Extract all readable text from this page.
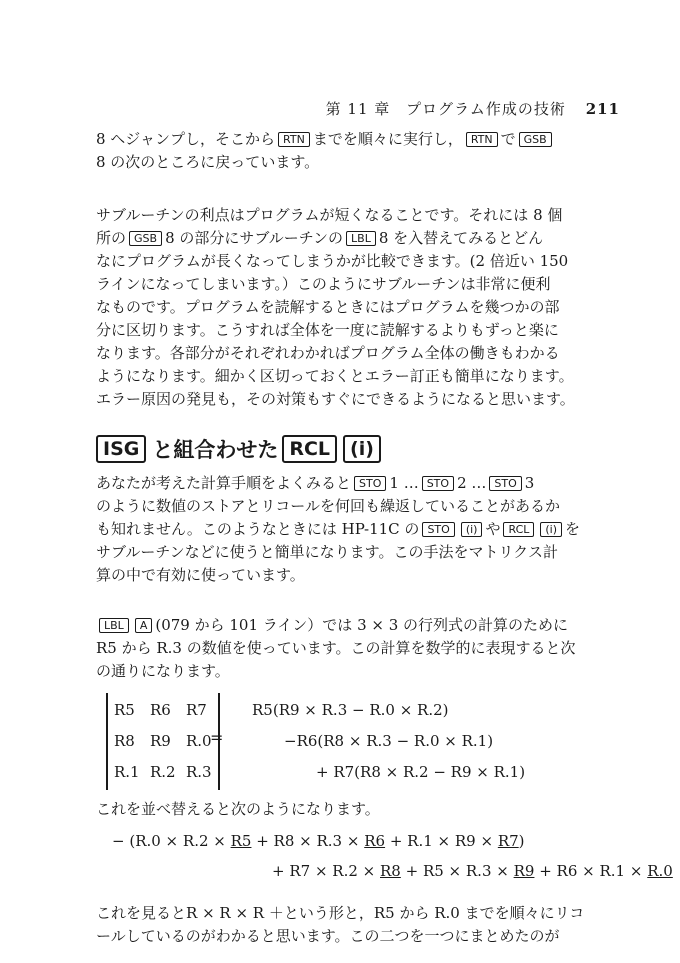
第 11 章 プログラム作成の技術 211
8 ヘジャンプし，そこから RTN までを順々に実行し， RTN で GSB
8 の次のところに戻っています。
サブルーチンの利点はプログラムが短くなることです。それには 8 個
所の GSB 8 の部分にサブルーチンの LBL 8 を入替えてみるとどん
なにプログラムが長くなってしまうかが比較できます。(2 倍近い 150
ラインになってしまいます。）このようにサブルーチンは非常に便利
なものです。プログラムを読解するときにはプログラムを幾つかの部
分に区切ります。こうすれば全体を一度に読解するよりもずっと楽に
なります。各部分がそれぞれわかればプログラム全体の働きもわかる
ようになります。細かく区切っておくとエラー訂正も簡単になります。
エラー原因の発見も，その対策もすぐにできるようになると思います。
ISG と組合わせた RCL (i)
あなたが考えた計算手順をよくみると STO 1 … STO 2 … STO 3
のように数値のストアとリコールを何回も繰返していることがあるか
も知れません。このようなときには HP-11C の STO (i) や RCL (i) を
サブルーチンなどに使うと簡単になります。この手法をマトリクス計
算の中で有効に使っています。
LBL A (079 から 101 ライン）では 3 × 3 の行列式の計算のために
R5 から R.3 の数値を使っています。この計算を数学的に表現すると次
の通りになります。
R5	R6	R7
R8	R9	R.0
R.1 R.2 R.3
=
R5(R9 × R.3 − R.0 × R.2)
−R6(R8 × R.3 − R.0 × R.1)
+ R7(R8 × R.2 − R9 × R.1)
これを並べ替えると次のようになります。
− (R.0 × R.2 × R5 + R8 × R.3 × R6 + R.1 × R9 × R7)
+ R7 × R.2 × R8 + R5 × R.3 × R9 + R6 × R.1 × R.0
これを見るとR × R × R ＋という形と，R5 から R.0 までを順々にリコ
ールしているのがわかると思います。この二つを一つにまとめたのが
